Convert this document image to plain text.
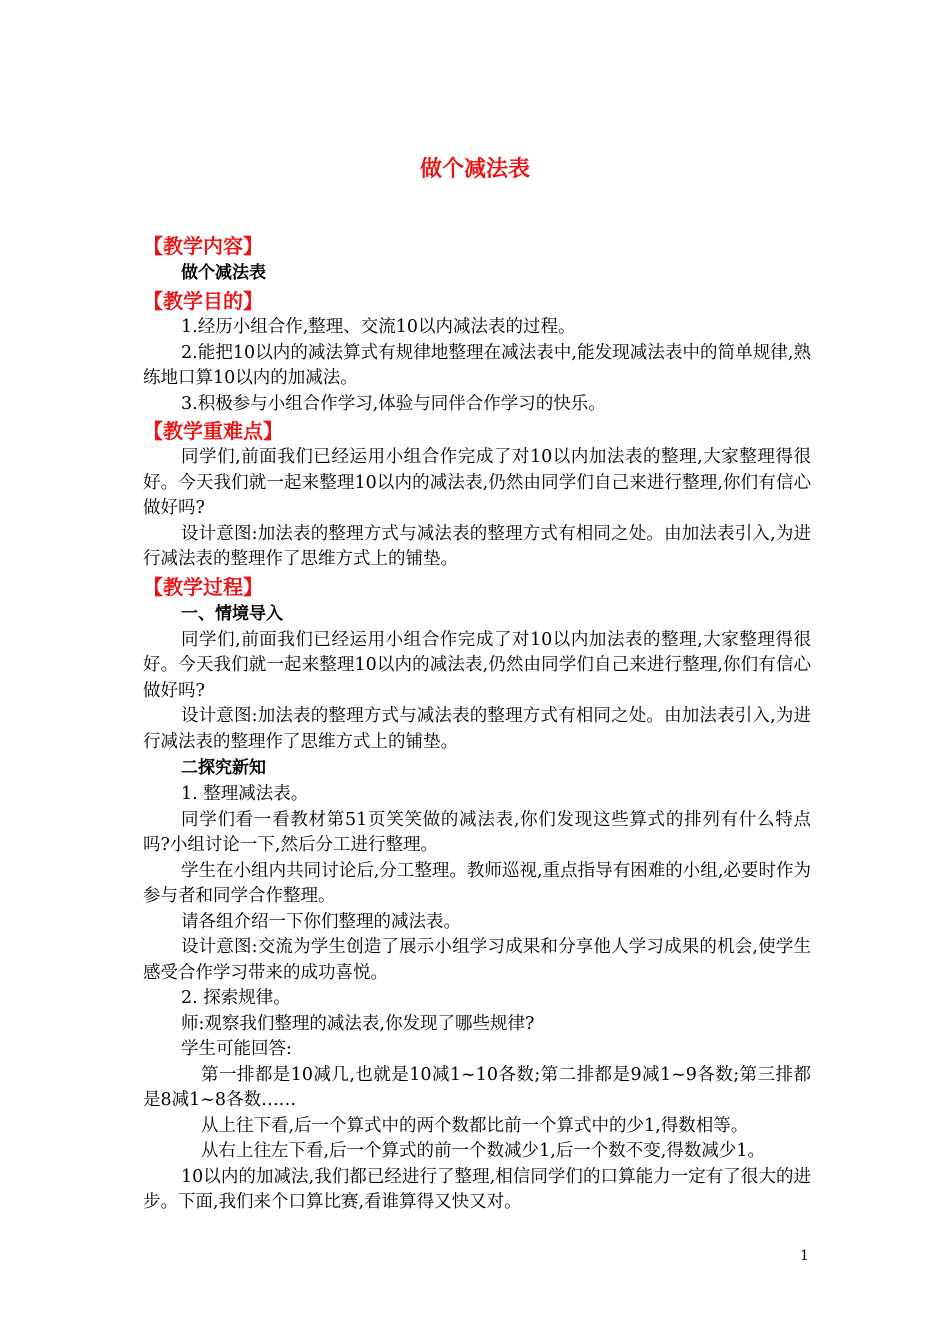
做个减法表
【教学内容】
做个减法表
【教学目的】

1.经历小组合作,整理、交流10以内减法表的过程。

2.能把10以内的减法算式有规律地整理在减法表中,能发现减法表中的简单规律,熟练地口算10以内的加减法。

3.积极参与小组合作学习,体验与同伴合作学习的快乐。

【教学重难点】

同学们,前面我们已经运用小组合作完成了对10以内加法表的整理,大家整理得很好。今天我们就一起来整理10以内的减法表,仍然由同学们自己来进行整理,你们有信心做好吗?

设计意图:加法表的整理方式与减法表的整理方式有相同之处。由加法表引入,为进行减法表的整理作了思维方式上的铺垫。

【教学过程】
一、情境导入

同学们,前面我们已经运用小组合作完成了对10以内加法表的整理,大家整理得很好。今天我们就一起来整理10以内的减法表,仍然由同学们自己来进行整理,你们有信心做好吗?

设计意图:加法表的整理方式与减法表的整理方式有相同之处。由加法表引入,为进行减法表的整理作了思维方式上的铺垫。

二探究新知

1. 整理减法表。

同学们看一看教材第51页笑笑做的减法表,你们发现这些算式的排列有什么特点吗?小组讨论一下,然后分工进行整理。

学生在小组内共同讨论后,分工整理。教师巡视,重点指导有困难的小组,必要时作为参与者和同学合作整理。

请各组介绍一下你们整理的减法表。

设计意图:交流为学生创造了展示小组学习成果和分享他人学习成果的机会,使学生感受合作学习带来的成功喜悦。

2. 探索规律。

师:观察我们整理的减法表,你发现了哪些规律?

学生可能回答:

第一排都是10减几,也就是10减1~10各数;第二排都是9减1~9各数;第三排都是8减1~8各数……

从上往下看,后一个算式中的两个数都比前一个算式中的少1,得数相等。

从右上往左下看,后一个算式的前一个数减少1,后一个数不变,得数减少1。

10以内的加减法,我们都已经进行了整理,相信同学们的口算能力一定有了很大的进步。下面,我们来个口算比赛,看谁算得又快又对。

1
